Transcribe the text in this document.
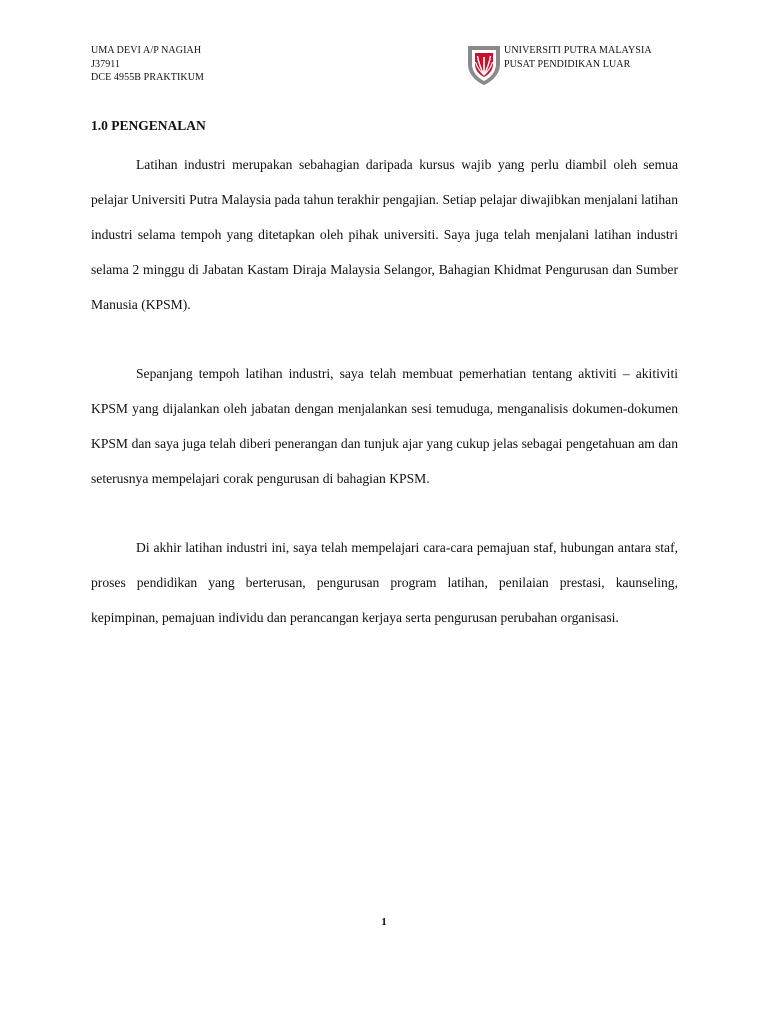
UMA DEVI A/P NAGIAH
J37911
DCE 4955B PRAKTIKUM
UNIVERSITI PUTRA MALAYSIA
PUSAT PENDIDIKAN LUAR
1.0 PENGENALAN

Latihan industri merupakan sebahagian daripada kursus wajib yang perlu diambil oleh semua pelajar Universiti Putra Malaysia pada tahun terakhir pengajian. Setiap pelajar diwajibkan menjalani latihan industri selama tempoh yang ditetapkan oleh pihak universiti. Saya juga telah menjalani latihan industri selama 2 minggu di Jabatan Kastam Diraja Malaysia Selangor, Bahagian Khidmat Pengurusan dan Sumber Manusia (KPSM).

Sepanjang tempoh latihan industri, saya telah membuat pemerhatian tentang aktiviti – akitiviti KPSM yang dijalankan oleh jabatan dengan menjalankan sesi temuduga, menganalisis dokumen-dokumen KPSM dan saya juga telah diberi penerangan dan tunjuk ajar yang cukup jelas sebagai pengetahuan am dan seterusnya mempelajari corak pengurusan di bahagian KPSM.

Di akhir latihan industri ini, saya telah mempelajari cara-cara pemajuan staf, hubungan antara staf, proses pendidikan yang berterusan, pengurusan program latihan, penilaian prestasi, kaunseling, kepimpinan, pemajuan individu dan perancangan kerjaya serta pengurusan perubahan organisasi.

1
